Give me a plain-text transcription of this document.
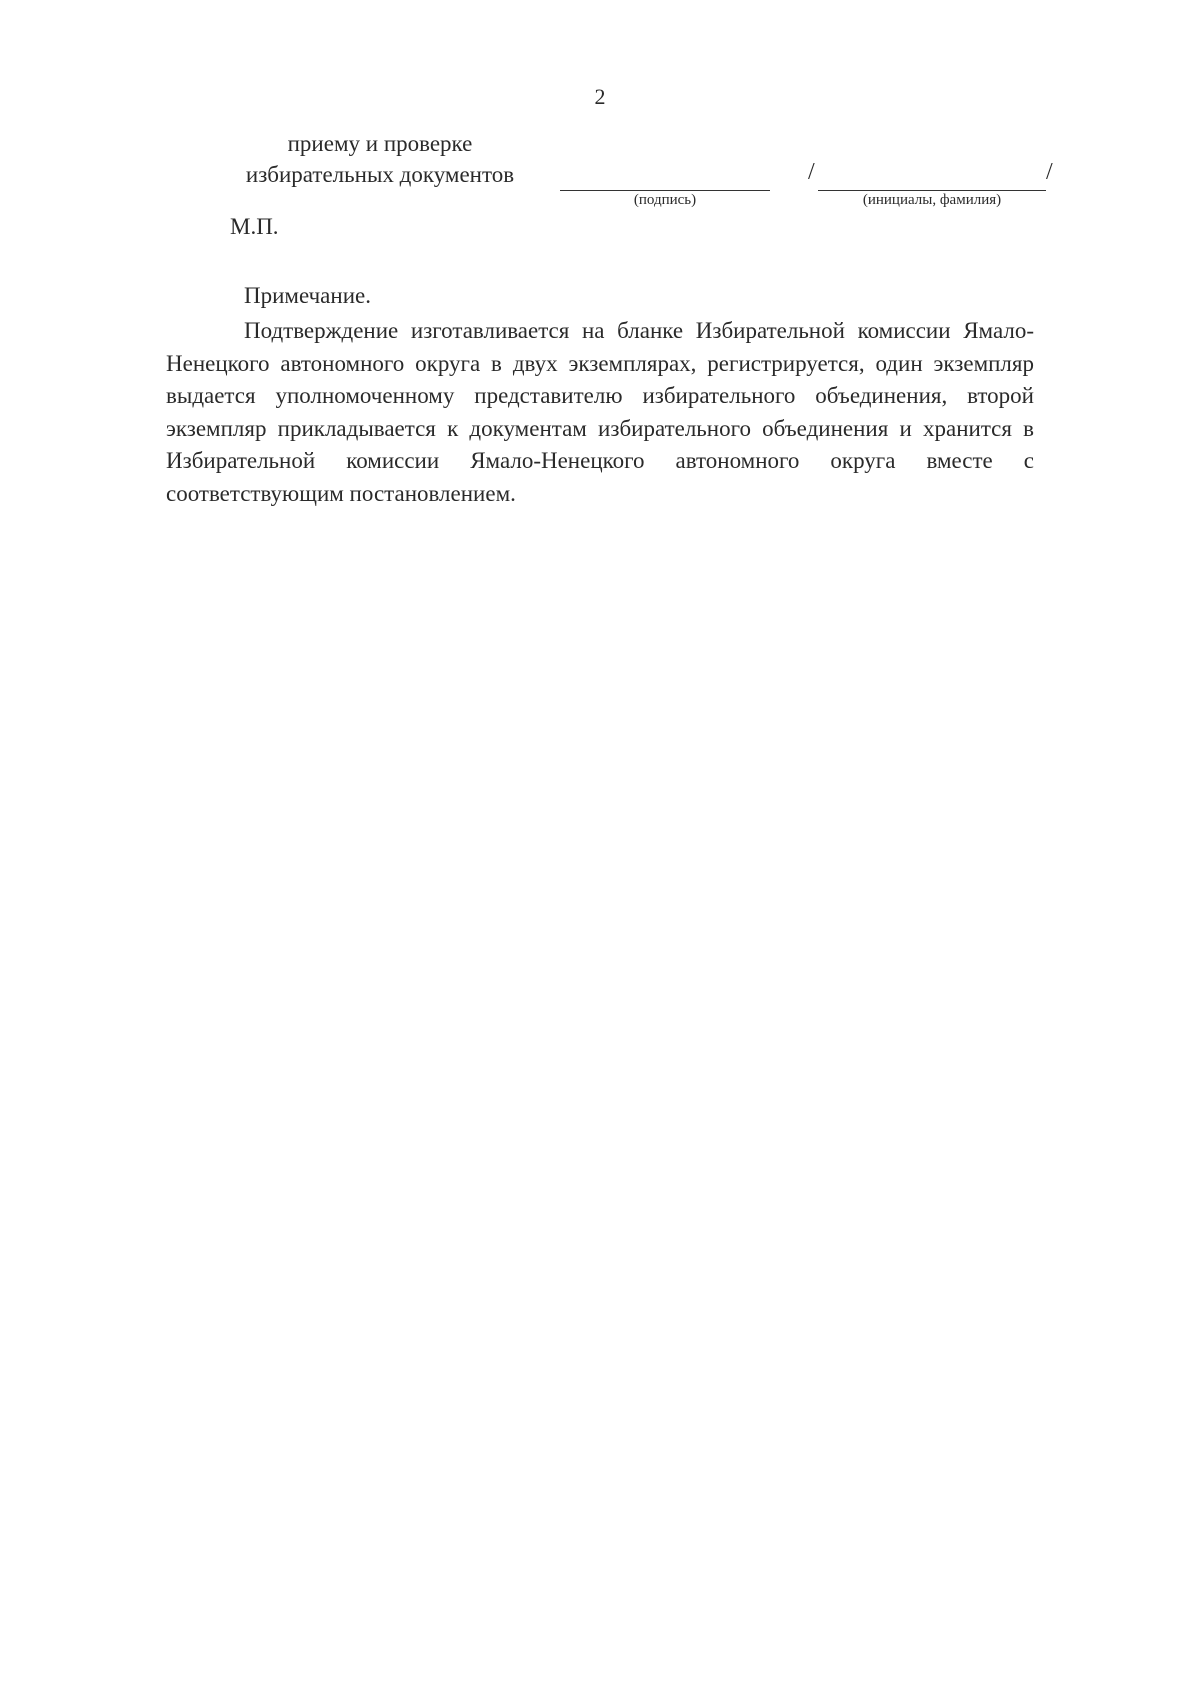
2
приему и проверке
избирательных документов
(подпись)
/	/
(инициалы, фамилия)
М.П.
Примечание.
Подтверждение изготавливается на бланке Избирательной комиссии Ямало-Ненецкого автономного округа в двух экземплярах, регистрируется, один экземпляр выдается уполномоченному представителю избирательного объединения, второй экземпляр прикладывается к документам избирательного объединения и хранится в Избирательной комиссии Ямало-Ненецкого автономного округа вместе с соответствующим постановлением.
